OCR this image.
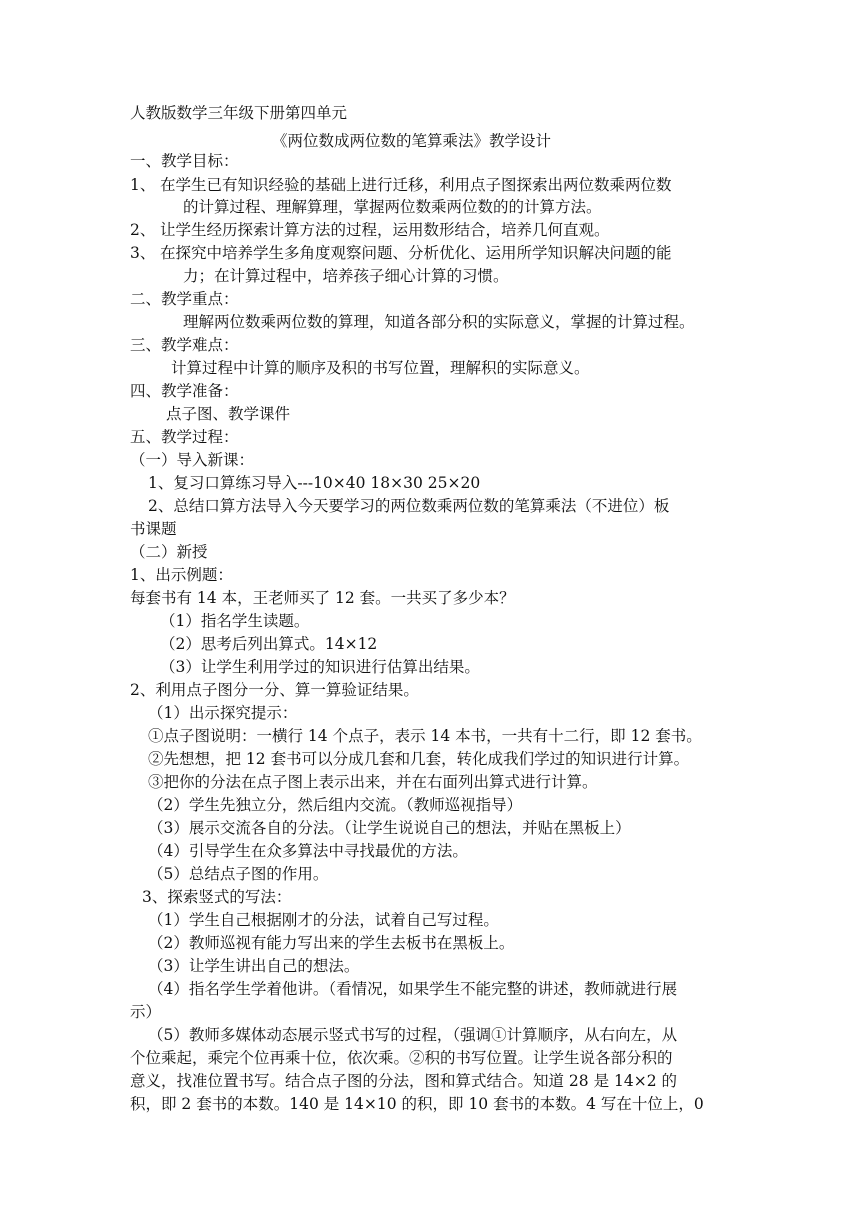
人教版数学三年级下册第四单元
《两位数成两位数的笔算乘法》教学设计
一、教学目标：
1、 在学生已有知识经验的基础上进行迁移，利用点子图探索出两位数乘两位数
的计算过程、理解算理，掌握两位数乘两位数的的计算方法。
2、 让学生经历探索计算方法的过程，运用数形结合，培养几何直观。
3、 在探究中培养学生多角度观察问题、分析优化、运用所学知识解决问题的能
力；在计算过程中，培养孩子细心计算的习惯。
二、教学重点：
理解两位数乘两位数的算理，知道各部分积的实际意义，掌握的计算过程。
三、教学难点：
计算过程中计算的顺序及积的书写位置，理解积的实际意义。
四、教学准备：
点子图、教学课件
五、教学过程：
（一）导入新课：
1、复习口算练习导入---10×40 18×30 25×20
2、总结口算方法导入今天要学习的两位数乘两位数的笔算乘法（不进位）板
书课题
（二）新授
1、出示例题：
每套书有 14 本，王老师买了 12 套。一共买了多少本？
（1）指名学生读题。
（2）思考后列出算式。14×12
（3）让学生利用学过的知识进行估算出结果。
2、利用点子图分一分、算一算验证结果。
（1）出示探究提示：
①点子图说明：一横行 14 个点子，表示 14 本书，一共有十二行，即 12 套书。
②先想想，把 12 套书可以分成几套和几套，转化成我们学过的知识进行计算。
③把你的分法在点子图上表示出来，并在右面列出算式进行计算。
（2）学生先独立分，然后组内交流。（教师巡视指导）
（3）展示交流各自的分法。（让学生说说自己的想法，并贴在黑板上）
（4）引导学生在众多算法中寻找最优的方法。
（5）总结点子图的作用。
3、探索竖式的写法：
（1）学生自己根据刚才的分法，试着自己写过程。
（2）教师巡视有能力写出来的学生去板书在黑板上。
（3）让学生讲出自己的想法。
（4）指名学生学着他讲。（看情况，如果学生不能完整的讲述，教师就进行展
示）
（5）教师多媒体动态展示竖式书写的过程，（强调①计算顺序，从右向左，从
个位乘起，乘完个位再乘十位，依次乘。②积的书写位置。让学生说各部分积的
意义，找准位置书写。结合点子图的分法，图和算式结合。知道 28 是 14×2 的
积，即 2 套书的本数。140 是 14×10 的积，即 10 套书的本数。4 写在十位上，0
